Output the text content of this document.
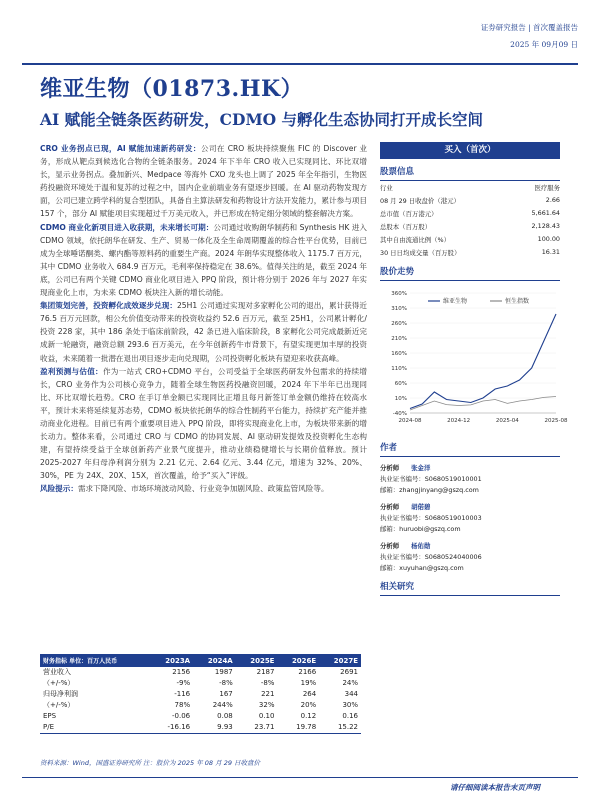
证券研究报告 | 首次覆盖报告
2025 年 09月09 日
维亚生物（01873.HK）
AI 赋能全链条医药研发，CDMO 与孵化生态协同打开成长空间

CRO 业务拐点已现，AI 赋能加速新药研发：公司在 CRO 板块持续聚焦 FIC 的 Discover 业务，形成从靶点到候选化合物的全链条服务。2024 年下半年 CRO 收入已实现同比、环比双增长，显示业务拐点。叠加新兴、Medpace 等海外 CXO 龙头也上调了 2025 年全年指引，生物医药投融资环境处于温和复苏的过程之中，国内企业前端业务有望逐步回暖。在 AI 驱动药物发现方面，公司已建立跨学科的复合型团队，具备自主算法研发和药物设计方法开发能力，累计参与项目 157 个，部分 AI 赋能项目实现超过千万美元收入，并已形成在特定细分领域的整套解决方案。

CDMO 商业化新项目进入收获期，未来增长可期：公司通过收购朗华制药和 Synthesis HK 进入 CDMO 领域，依托朗华在研发、生产、贸易一体化及全生命周期覆盖的综合性平台优势，目前已成为全球唾诺酮类、螺内酯等原料药的重要生产商。2024 年朗华实现整体收入 1175.7 百万元，其中 CDMO 业务收入 684.9 百万元，毛利率保持稳定在 38.6%。值得关注的是，截至 2024 年底，公司已有两个关键 CDMO 商业化项目进入 PPQ 阶段，预计将分别于 2026 年与 2027 年实现商业化上市，为未来 CDMO 板块注入新的增长动能。

集团策划完善，投资孵化成效逐步兑现：25H1 公司通过实现对多家孵化公司的退出，累计获得近 76.5 百万元回款，相公允价值变动带来的投资收益约 52.6 百万元，截至 25H1，公司累计孵化/投资 228 家，其中 186 条处于临床前阶段，42 条已进入临床阶段，8 家孵化公司完成最新近完成新一轮融资，融资总额 293.6 百万美元，在今年创新药牛市背景下，有望实现更加丰厚的投资收益，未来随着一批潜在退出项目逐步走向兑现期，公司投资孵化板块有望迎来收获高峰。

盈利预测与估值：作为一站式 CRO+CDMO 平台，公司受益于全球医药研发外包需求的持续增长，CRO 业务作为公司核心竞争力，随着全球生物医药投融资回暖，2024 年下半年已出现同比、环比双增长趋势。CRO 在手订单金额已实现同比正增且每月新签订单金额仍维持在较高水平，预计未来将延续复苏态势，CDMO 板块依托朗华的综合性制药平台能力，持续扩充产能并推动商业化进程。目前已有两个重要项目进入 PPQ 阶段，即将实现商业化上市，为板块带来新的增长动力。整体来看，公司通过 CRO 与 CDMO 的协同发展、AI 驱动研发提效及投资孵化生态构建，有望持续受益于全球创新药产业景气度提升，推动业绩稳健增长与长期价值释放。预计 2025-2027 年归母净利润分别为 2.21 亿元、2.64 亿元、3.44 亿元，增速为 32%、20%、30%，PE 为 24X、20X、15X，首次覆盖，给予“买入”评级。

风险提示：需求下降风险、市场环境波动风险、行业竞争加剧风险、政策监管风险等。

买入（首次）
股票信息
行业	医疗服务
08 月 29 日收盘价（港元）	2.66
总市值（百万港元）	5,661.64
总股本（百万股）	2,128.43
其中自由流通比例（%）	100.00
30 日日均成交量（百万股）	16.31
股价走势
-40%
10%
60%
110%
160%
210%
260%
310%
360%
2024-08	2024-12	2025-04	2025-08
维亚生物	恒生指数
作者
分析师 张金洋
执业证书编号：S0680519010001
邮箱：zhangjinyang@gszq.com
分析师 胡偌碧
执业证书编号：S0680519010003
邮箱：huruobi@gszq.com
分析师 杨佑勋
执业证书编号：S0680524040006
邮箱：xuyuhan@gszq.com
相关研究
财务指标 单位：百万人民币	2023A	2024A	2025E	2026E	2027E
营业收入	2156	1987	2187	2166	2691
（+/-%）	-9%	-8%	-8%	19%	24%
归母净利润	-116	167	221	264	344
（+/-%）	78%	244%	32%	20%	30%
EPS	-0.06	0.08	0.10	0.12	0.16
P/E	-16.16	9.93	23.71	19.78	15.22
资料来源：Wind，国盛证券研究所 注：股价为 2025 年 08 月 29 日收盘价
请仔细阅读本报告末页声明
